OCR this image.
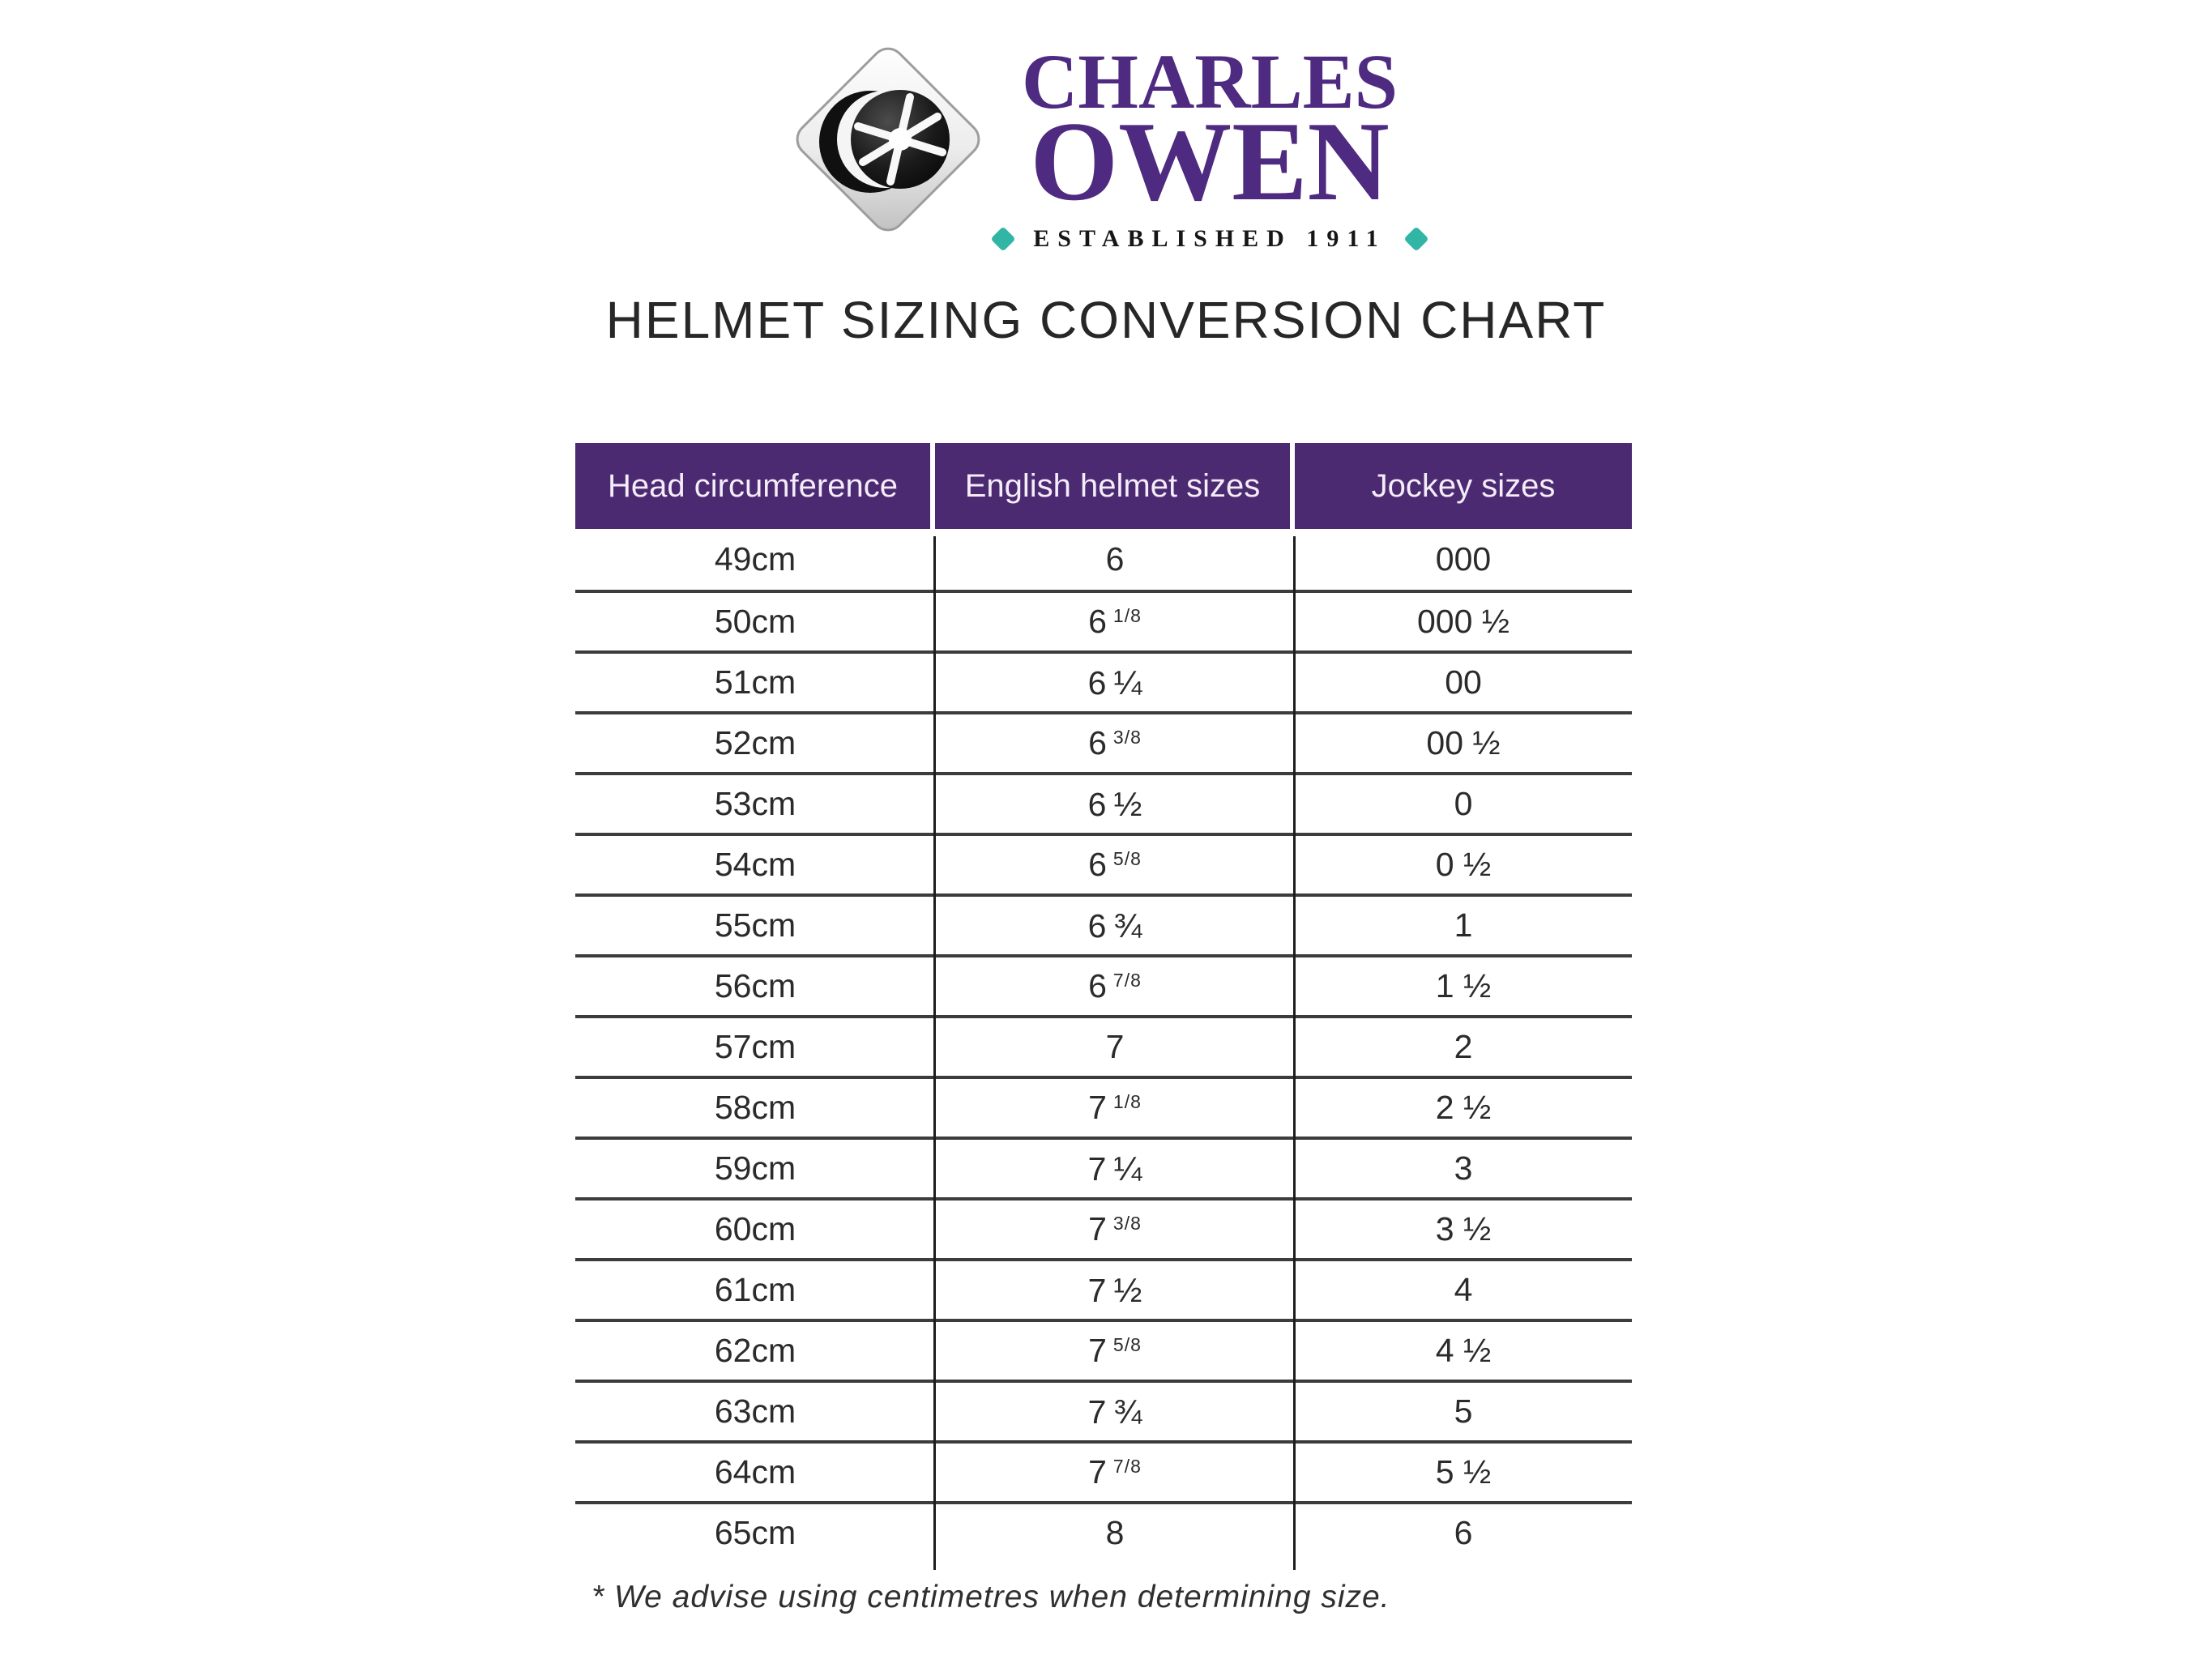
CHARLES
OWEN
ESTABLISHED 1911
HELMET SIZING CONVERSION CHART
Head circumference	English helmet sizes	Jockey sizes
49cm	6	000
50cm	6 $^{1/8}$	000 ½
51cm	6 ¼	00
52cm	6 $^{3/8}$	00 ½
53cm	6 ½	0
54cm	6 $^{5/8}$	0 ½
55cm	6 ¾	1
56cm	6 $^{7/8}$	1 ½
57cm	7	2
58cm	7 $^{1/8}$	2 ½
59cm	7 ¼	3
60cm	7 $^{3/8}$	3 ½
61cm	7 ½	4
62cm	7 $^{5/8}$	4 ½
63cm	7 ¾	5
64cm	7 $^{7/8}$	5 ½
65cm	8	6

* We advise using centimetres when determining size.
